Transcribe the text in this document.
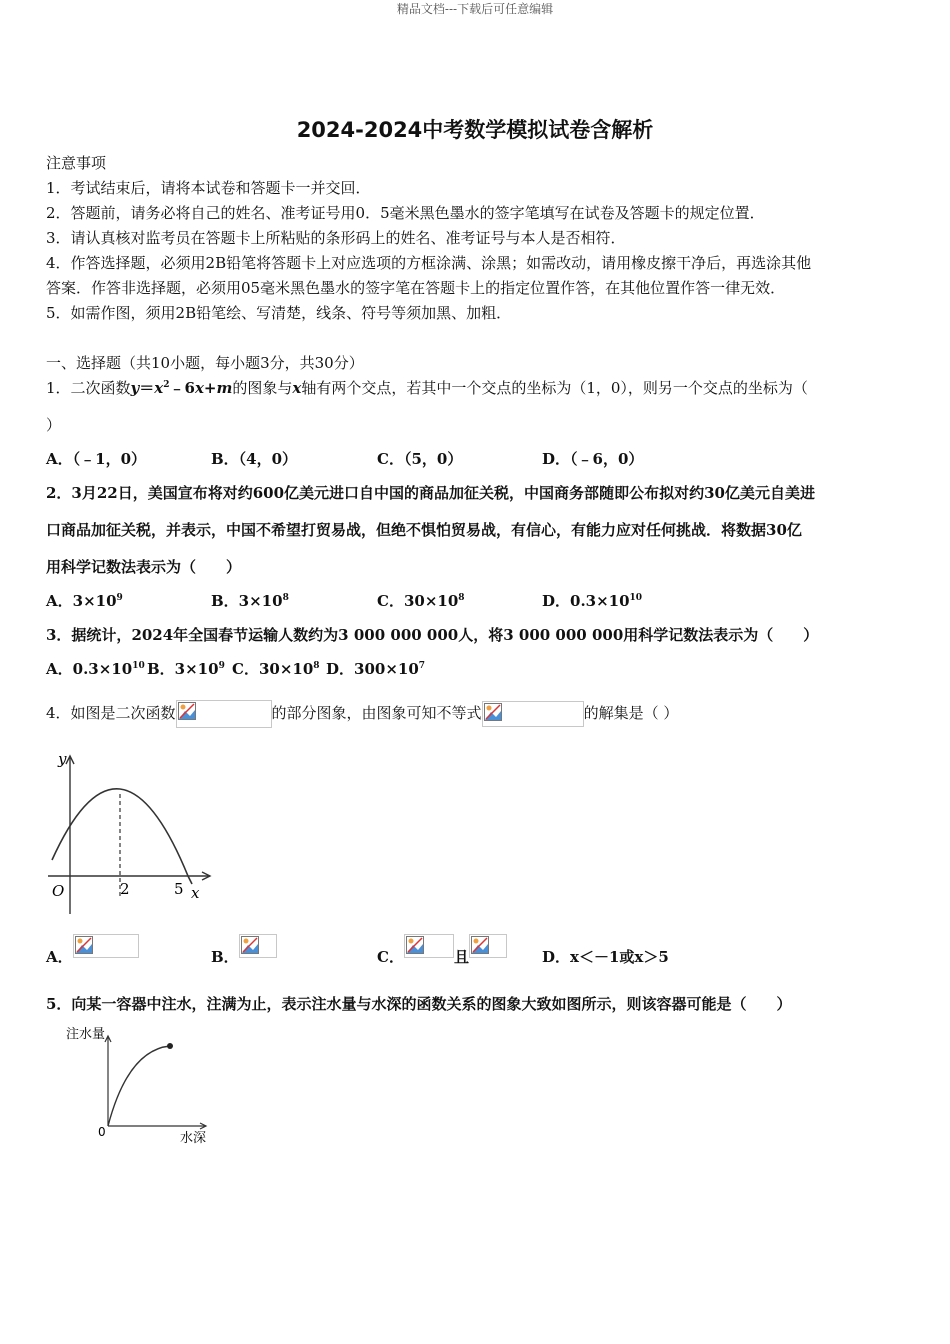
精品文档---下载后可任意编辑
2024-2024中考数学模拟试卷含解析
注意事项
1．考试结束后，请将本试卷和答题卡一并交回．
2．答题前，请务必将自己的姓名、准考证号用0．5毫米黑色墨水的签字笔填写在试卷及答题卡的规定位置．
3．请认真核对监考员在答题卡上所粘贴的条形码上的姓名、准考证号与本人是否相符．
4．作答选择题，必须用2B铅笔将答题卡上对应选项的方框涂满、涂黑；如需改动，请用橡皮擦干净后，再选涂其他
答案．作答非选择题，必须用05毫米黑色墨水的签字笔在答题卡上的指定位置作答，在其他位置作答一律无效．
5．如需作图，须用2B铅笔绘、写清楚，线条、符号等须加黑、加粗．
一、选择题（共10小题，每小题3分，共30分）
1．二次函数$y=x^2﹣6x+m$的图象与x轴有两个交点，若其中一个交点的坐标为（1，0），则另一个交点的坐标为（
）
A．（﹣1，0）	B．（4，0）	C．（5，0）	D．（﹣6，0）
2．3月22日，美国宣布将对约600亿美元进口自中国的商品加征关税，中国商务部随即公布拟对约30亿美元自美进
口商品加征关税，并表示，中国不希望打贸易战，但绝不惧怕贸易战，有信心，有能力应对任何挑战．将数据30亿
用科学记数法表示为（　　）
A．$3\times 10^9$	B．$3\times 10^8$	C．$30\times 10^8$	D．$0.3\times 10^{10}$
3．据统计，2024年全国春节运输人数约为3 000 000 000人，将3 000 000 000用科学记数法表示为（　　）
A．$0.3\times 10^{10}$ B．$3\times 10^9$ C．$30\times 10^8$ D．$300\times 10^7$
4．如图是二次函数	的部分图象，由图象可知不等式	的解集是（ ）
y
O	2	5 x
A．	B．	C．	且	D．x＜－1或x＞5
5．向某一容器中注水，注满为止，表示注水量与水深的函数关系的图象大致如图所示，则该容器可能是（　　）
注水量
0	水深
